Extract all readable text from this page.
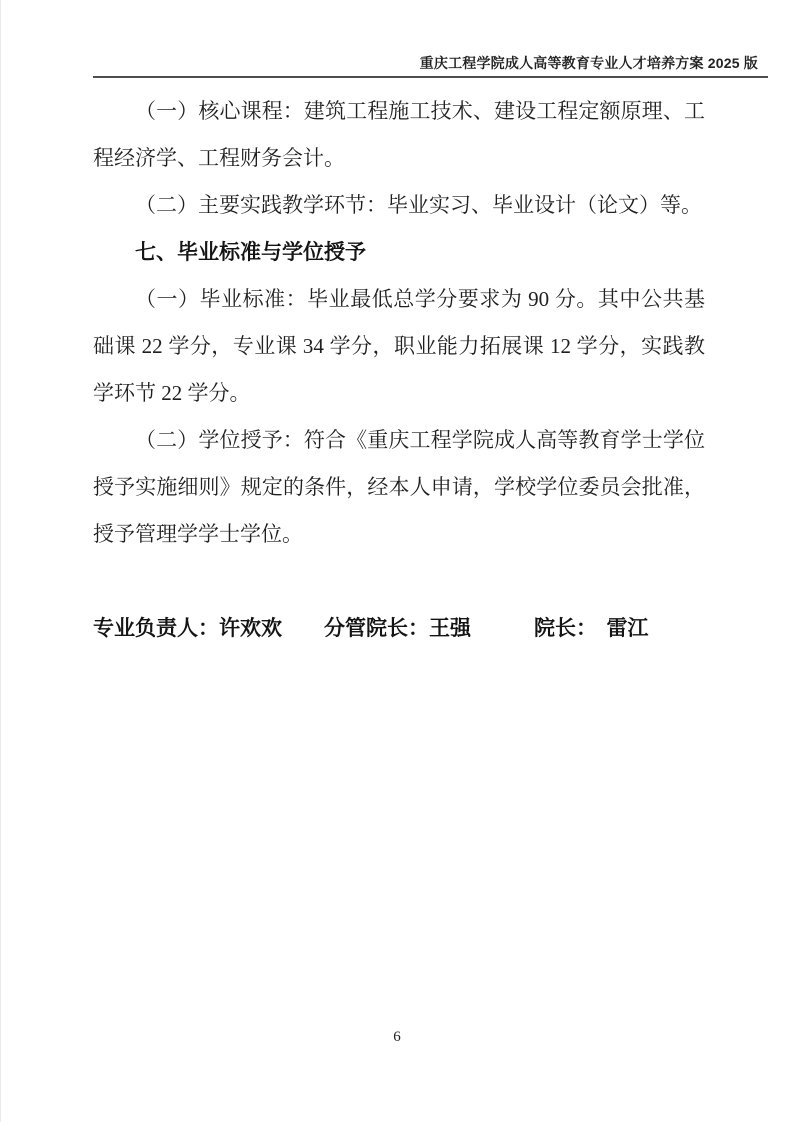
重庆工程学院成人高等教育专业人才培养方案 2025 版

（一）核心课程：建筑工程施工技术、建设工程定额原理、工程经济学、工程财务会计。

（二）主要实践教学环节：毕业实习、毕业设计（论文）等。

七、毕业标准与学位授予

（一）毕业标准：毕业最低总学分要求为 90 分。其中公共基础课 22 学分，专业课 34 学分，职业能力拓展课 12 学分，实践教学环节 22 学分。

（二）学位授予：符合《重庆工程学院成人高等教育学士学位授予实施细则》规定的条件，经本人申请，学校学位委员会批准，授予管理学学士学位。

专业负责人：许欢欢 分管院长：王强	院长： 雷江

6
